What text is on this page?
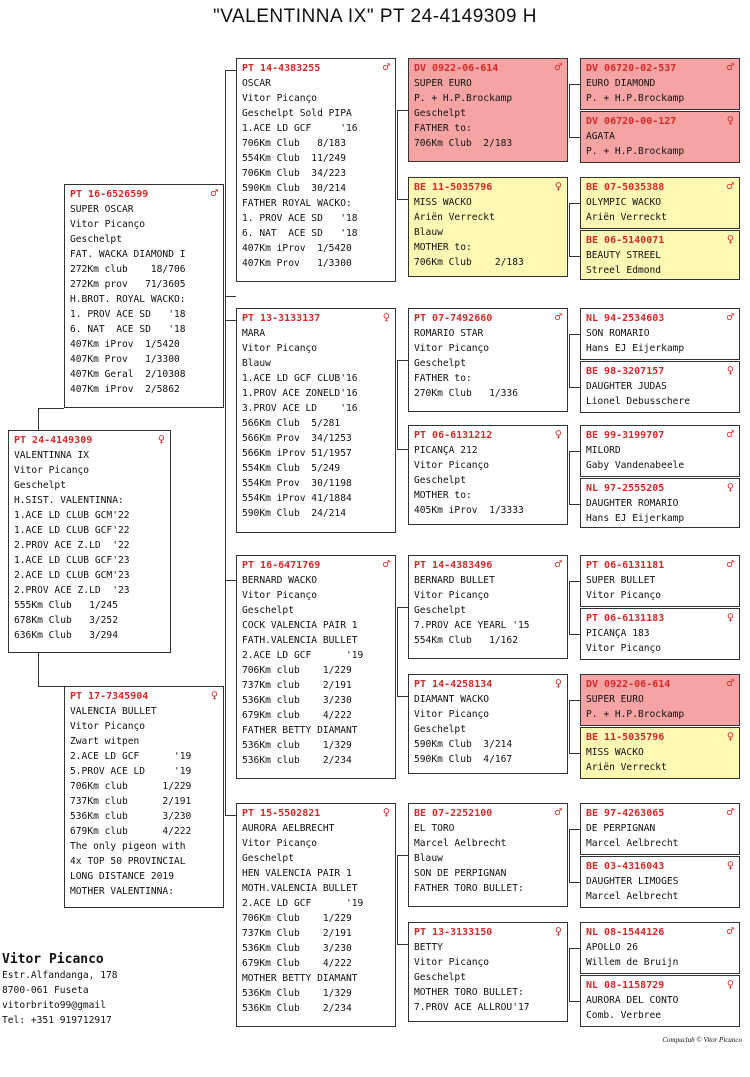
"VALENTINNA IX" PT 24-4149309 H
PT 24-4149309	♀
VALENTINNA IX
Vitor Picanço
Geschelpt
H.SIST. VALENTINNA:
1.ACE LD CLUB GCM'22
1.ACE LD CLUB GCF'22
2.PROV ACE Z.LD  '22
1.ACE LD CLUB GCF'23
2.ACE LD CLUB GCM'23
2.PROV ACE Z.LD  '23
555Km Club   1/245
678Km Club   3/252
636Km Club   3/294
PT 16-6526599	♂
SUPER OSCAR
Vitor Picanço
Geschelpt
FAT. WACKA DIAMOND I
272Km club    18/706
272Km prov   71/3605
H.BROT. ROYAL WACKO:
1. PROV ACE SD   '18
6. NAT  ACE SD   '18
407Km iProv  1/5420
407Km Prov   1/3300
407Km Geral  2/10308
407Km iProv  2/5862
PT 17-7345904	♀
VALENCIA BULLET
Vitor Picanço
Zwart witpen
2.ACE LD GCF      '19
5.PROV ACE LD     '19
706Km club      1/229
737Km club      2/191
536Km club      3/230
679Km club      4/222
The only pigeon with
4x TOP 50 PROVINCIAL
LONG DISTANCE 2019
MOTHER VALENTINNA:
PT 14-4383255	♂
OSCAR
Vitor Picanço
Geschelpt Sold PIPA
1.ACE LD GCF     '16
706Km Club   8/183
554Km Club  11/249
706Km Club  34/223
590Km Club  30/214
FATHER ROYAL WACKO:
1. PROV ACE SD   '18
6. NAT  ACE SD   '18
407Km iProv  1/5420
407Km Prov   1/3300
PT 13-3133137	♀
MARA
Vitor Picanço
Blauw
1.ACE LD GCF CLUB'16
1.PROV ACE ZONELD'16
3.PROV ACE LD    '16
566Km Club  5/281
566Km Prov  34/1253
566Km iProv 51/1957
554Km Club  5/249
554Km Prov  30/1198
554Km iProv 41/1884
590Km Club  24/214
PT 16-6471769	♂
BERNARD WACKO
Vitor Picanço
Geschelpt
COCK VALENCIA PAIR 1
FATH.VALENCIA BULLET
2.ACE LD GCF      '19
706Km club    1/229
737Km club    2/191
536Km club    3/230
679Km club    4/222
FATHER BETTY DIAMANT
536Km club    1/329
536Km club    2/234
PT 15-5502821	♀
AURORA AELBRECHT
Vitor Picanço
Geschelpt
HEN VALENCIA PAIR 1
MOTH.VALENCIA BULLET
2.ACE LD GCF      '19
706Km Club    1/229
737Km Club    2/191
536Km Club    3/230
679Km Club    4/222
MOTHER BETTY DIAMANT
536Km Club    1/329
536Km Club    2/234
DV 0922-06-614	♂
SUPER EURO
P. + H.P.Brockamp
Geschelpt
FATHER to:
706Km Club  2/183
BE 11-5035796	♀
MISS WACKO
Ariën Verreckt
Blauw
MOTHER to:
706Km Club    2/183
PT 07-7492660	♂
ROMARIO STAR
Vitor Picanço
Geschelpt
FATHER to:
270Km Club   1/336
PT 06-6131212	♀
PICANÇA 212
Vitor Picanço
Geschelpt
MOTHER to:
405Km iProv  1/3333
PT 14-4383496	♂
BERNARD BULLET
Vitor Picanço
Geschelpt
7.PROV ACE YEARL '15
554Km Club   1/162
PT 14-4258134	♀
DIAMANT WACKO
Vitor Picanço
Geschelpt
590Km Club  3/214
590Km Club  4/167
BE 07-2252100	♂
EL TORO
Marcel Aelbrecht
Blauw
SON DE PERPIGNAN
FATHER TORO BULLET:
PT 13-3133150	♀
BETTY
Vitor Picanço
Geschelpt
MOTHER TORO BULLET:
7.PROV ACE ALLROU'17
DV 06720-02-537	♂
EURO DIAMOND
P. + H.P.Brockamp
DV 06720-00-127	♀
AGATA
P. + H.P.Brockamp
BE 07-5035388	♂
OLYMPIC WACKO
Ariën Verreckt
BE 06-5140071	♀
BEAUTY STREEL
Streel Edmond
NL 94-2534603	♂
SON ROMARIO
Hans EJ Eijerkamp
BE 98-3207157	♀
DAUGHTER JUDAS
Lionel Debusschere
BE 99-3199707	♂
MILORD
Gaby Vandenabeele
NL 97-2555205	♀
DAUGHTER ROMARIO
Hans EJ Eijerkamp
PT 06-6131181	♂
SUPER BULLET
Vitor Picanço
PT 06-6131183	♀
PICANÇA 183
Vitor Picanço
DV 0922-06-614	♂
SUPER EURO
P. + H.P.Brockamp
BE 11-5035796	♀
MISS WACKO
Ariën Verreckt
BE 97-4263065	♂
DE PERPIGNAN
Marcel Aelbrecht
BE 03-4316043	♀
DAUGHTER LIMOGES
Marcel Aelbrecht
NL 08-1544126	♂
APOLLO 26
Willem de Bruijn
NL 08-1158729	♀
AURORA DEL CONTO
Comb. Verbree
Vitor Picanco
Estr.Alfandanga, 178
8700-061 Fuseta
vitorbrito99@gmail
Tel: +351 919712917
Compuclub © Vitor Picanco
